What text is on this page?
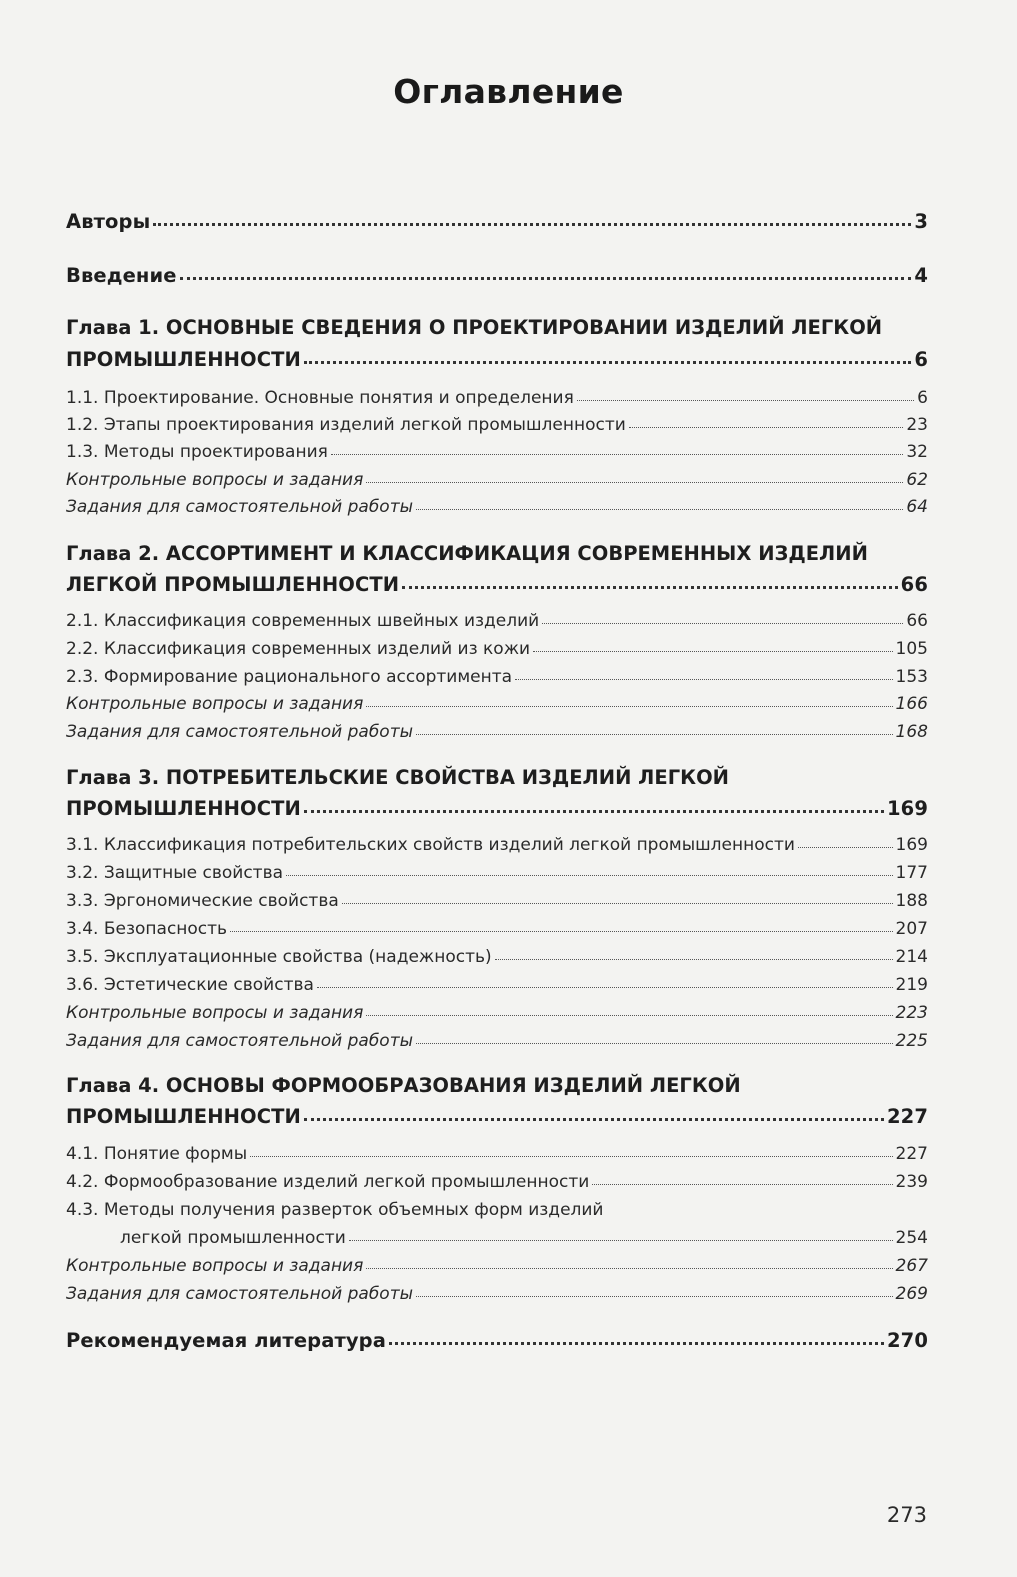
Оглавление
Авторы	3
Введение	4
Глава 1. ОСНОВНЫЕ СВЕДЕНИЯ О ПРОЕКТИРОВАНИИ ИЗДЕЛИЙ ЛЕГКОЙ
ПРОМЫШЛЕННОСТИ	6
1.1. Проектирование. Основные понятия и определения	6
1.2. Этапы проектирования изделий легкой промышленности	23
1.3. Методы проектирования	32
Контрольные вопросы и задания	62
Задания для самостоятельной работы	64
Глава 2. АССОРТИМЕНТ И КЛАССИФИКАЦИЯ СОВРЕМЕННЫХ ИЗДЕЛИЙ
ЛЕГКОЙ ПРОМЫШЛЕННОСТИ	66
2.1. Классификация современных швейных изделий	66
2.2. Классификация современных изделий из кожи	105
2.3. Формирование рационального ассортимента	153
Контрольные вопросы и задания	166
Задания для самостоятельной работы	168
Глава 3. ПОТРЕБИТЕЛЬСКИЕ СВОЙСТВА ИЗДЕЛИЙ ЛЕГКОЙ
ПРОМЫШЛЕННОСТИ	169
3.1. Классификация потребительских свойств изделий легкой промышленности	169
3.2. Защитные свойства	177
3.3. Эргономические свойства	188
3.4. Безопасность	207
3.5. Эксплуатационные свойства (надежность)	214
3.6. Эстетические свойства	219
Контрольные вопросы и задания	223
Задания для самостоятельной работы	225
Глава 4. ОСНОВЫ ФОРМООБРАЗОВАНИЯ ИЗДЕЛИЙ ЛЕГКОЙ
ПРОМЫШЛЕННОСТИ	227
4.1. Понятие формы	227
4.2. Формообразование изделий легкой промышленности	239
4.3. Методы получения разверток объемных форм изделий
легкой промышленности	254
Контрольные вопросы и задания	267
Задания для самостоятельной работы	269
Рекомендуемая литература	270
273
